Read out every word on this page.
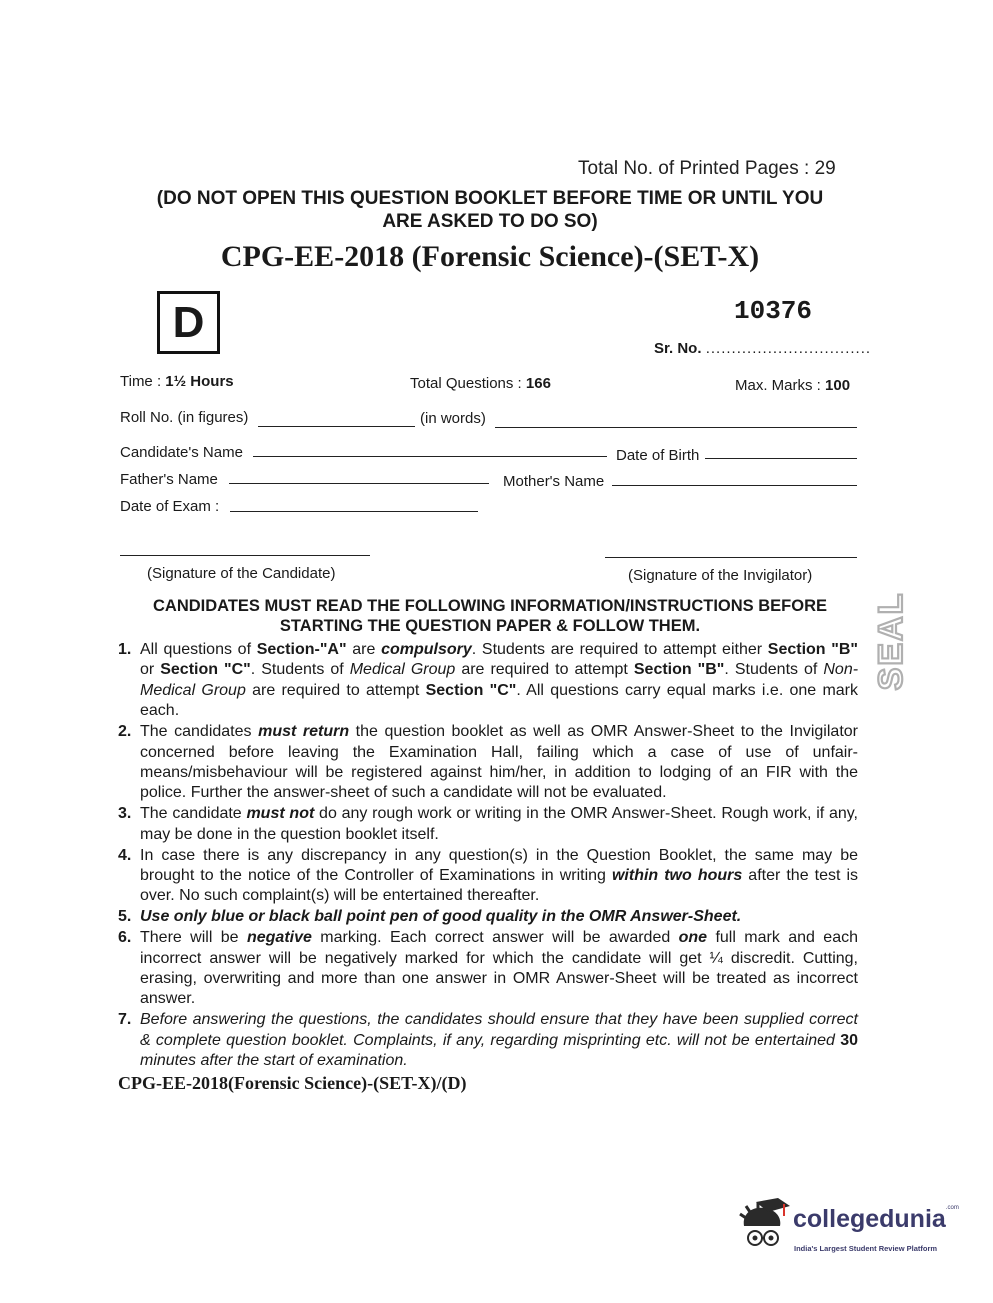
Total No. of Printed Pages : 29
(DO NOT OPEN THIS QUESTION BOOKLET BEFORE TIME OR UNTIL YOU
ARE ASKED TO DO SO)
CPG-EE-2018 (Forensic Science)-(SET-X)
D	10376
Sr. No. ................................
Time : 1½ Hours	Total Questions : 166	Max. Marks : 100
Roll No. (in figures)	(in words)
Candidate's Name	Date of Birth
Father's Name	Mother's Name
Date of Exam :
(Signature of the Candidate)	(Signature of the Invigilator)
CANDIDATES MUST READ THE FOLLOWING INFORMATION/INSTRUCTIONS BEFORE
STARTING THE QUESTION PAPER & FOLLOW THEM.
1. All questions of Section-"A" are compulsory. Students are required to attempt either Section "B" or Section "C". Students of Medical Group are required to attempt Section "B". Students of Non-Medical Group are required to attempt Section "C". All questions carry equal marks i.e. one mark each.
2. The candidates must return the question booklet as well as OMR Answer-Sheet to the Invigilator concerned before leaving the Examination Hall, failing which a case of use of unfair-means/misbehaviour will be registered against him/her, in addition to lodging of an FIR with the police. Further the answer-sheet of such a candidate will not be evaluated.
3. The candidate must not do any rough work or writing in the OMR Answer-Sheet. Rough work, if any, may be done in the question booklet itself.
4. In case there is any discrepancy in any question(s) in the Question Booklet, the same may be brought to the notice of the Controller of Examinations in writing within two hours after the test is over. No such complaint(s) will be entertained thereafter.
5. Use only blue or black ball point pen of good quality in the OMR Answer-Sheet.
6. There will be negative marking. Each correct answer will be awarded one full mark and each incorrect answer will be negatively marked for which the candidate will get ¼ discredit. Cutting, erasing, overwriting and more than one answer in OMR Answer-Sheet will be treated as incorrect answer.
7. Before answering the questions, the candidates should ensure that they have been supplied correct & complete question booklet. Complaints, if any, regarding misprinting etc. will not be entertained 30 minutes after the start of examination.
CPG-EE-2018(Forensic Science)-(SET-X)/(D)
SEAL
collegedunia$^{.com}$
India's Largest Student Review Platform
